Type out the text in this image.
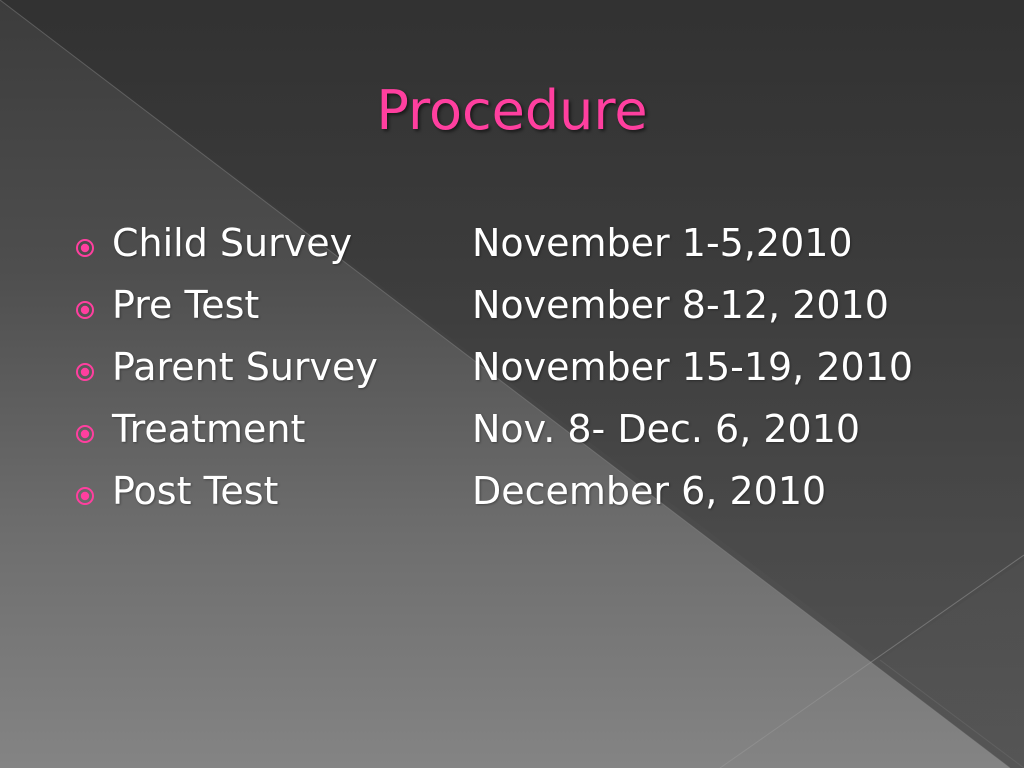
Procedure
Child Survey	November 1-5,2010
Pre Test	November 8-12, 2010
Parent Survey November 15-19, 2010
Treatment	Nov. 8- Dec. 6, 2010
Post Test	December 6, 2010
